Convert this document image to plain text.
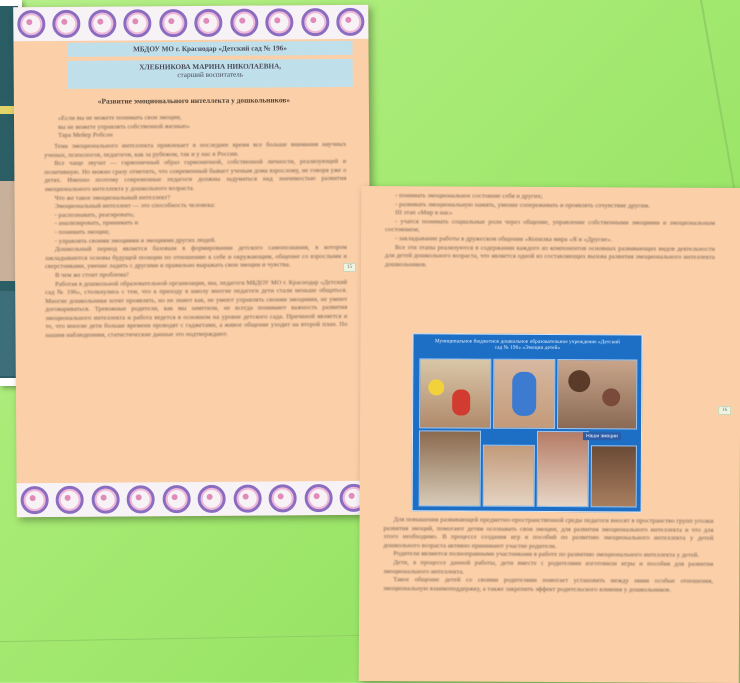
МБДОУ МО г. Краснодар «Детский сад № 196»
ХЛЕБНИКОВА МАРИНА НИКОЛАЕВНА,
старший воспитатель
«Развитие эмоционального интеллекта у дошкольников»
«Если вы не можете понимать свои эмоции,
вы не можете управлять собственной жизнью»
Тара Мейер Робсон
Тема эмоционального интеллекта привлекает в последнее время все больше внимания научных ученых, психологов, педагогов, как за рубежом, так и у нас в России.
Все чаще звучат — гармоничный образ гармоничной, собственной личности, реализующей и позитивную. Но можно сразу отметить, что современный бывает ученым дома взрослому, не говоря уже о детях. Именно поэтому современные педагоги должны задуматься над значимостью развития эмоционального интеллекта у дошкольного возраста.
Что же такое эмоциональный интеллект?
Эмоциональный интеллект — это способность человека:
- распознавать, реагировать;
- анализировать, принимать и
- понимать эмоции;
- управлять своими эмоциями и эмоциями других людей.
Дошкольный период является базовым в формировании детского самопознания, в котором закладываются основы будущей позиции по отношению к себе и окружающим, общение со взрослыми и сверстниками, умение ладить с другими и правильно выражать свои эмоции и чувства.
В чем же стоит проблема?
Работая в дошкольной образовательной организации, мы, педагоги МБДОУ МО г. Краснодар «Детский сад № 196», столкнулись с тем, что к приходу в школу многие педагоги дети стали меньше общаться. Многие дошкольники хотят проявлять, но не знают как, не умеют управлять своими эмоциями, не умеют договариваться. Тревожные родители, как мы заметили, не всегда понимают важность развития эмоционального интеллекта и работа ведется в основном на уровне детского сада. Причиной является и то, что многие дети больше времени проводят с гаджетами, а живое общение уходит на второй план. По нашим наблюдениям, статистические данные это подтверждают.
15
- понимать эмоциональное состояние себя и других;
- развивать эмоциональную память, умение сопереживать и проявлять сочувствие другим.
III этап «Мир в нас»
- учатся понимать социальные роли через общение, управление собственными эмоциями и эмоциональным состоянием;
- закладывание работы в дружеском общении «Копилка мира «Я и «Другие».
Все эти этапы реализуются в содержании каждого из компонентов основных развивающих видов деятельности для детей дошкольного возраста, что является одной из составляющих вызова развития эмоционального интеллекта дошкольников.
Муниципальное бюджетное дошкольное образовательное учреждение «Детский сад № 196» «Эмоции детей»
Наши эмоции
Для повышения развивающей предметно-пространственной среды педагоги вносят в пространство групп уголки развития эмоций, помогают детям осознавать свои эмоции, для развития эмоционального интеллекта и что для этого необходимо. В процессе создания игр и пособий по развитию эмоционального интеллекта у детей дошкольного возраста активно принимают участие родители.
Родители являются полноправными участниками в работе по развитию эмоционального интеллекта у детей.
Дети, в процессе данной работы, дети вместе с родителями изготовили игры и пособия для развития эмоционального интеллекта.
Такое общение детей со своими родителями помогает установить между ними особые отношения, эмоциональную взаимоподдержку, а также закрепить эффект родительского влияния у дошкольников.
16
